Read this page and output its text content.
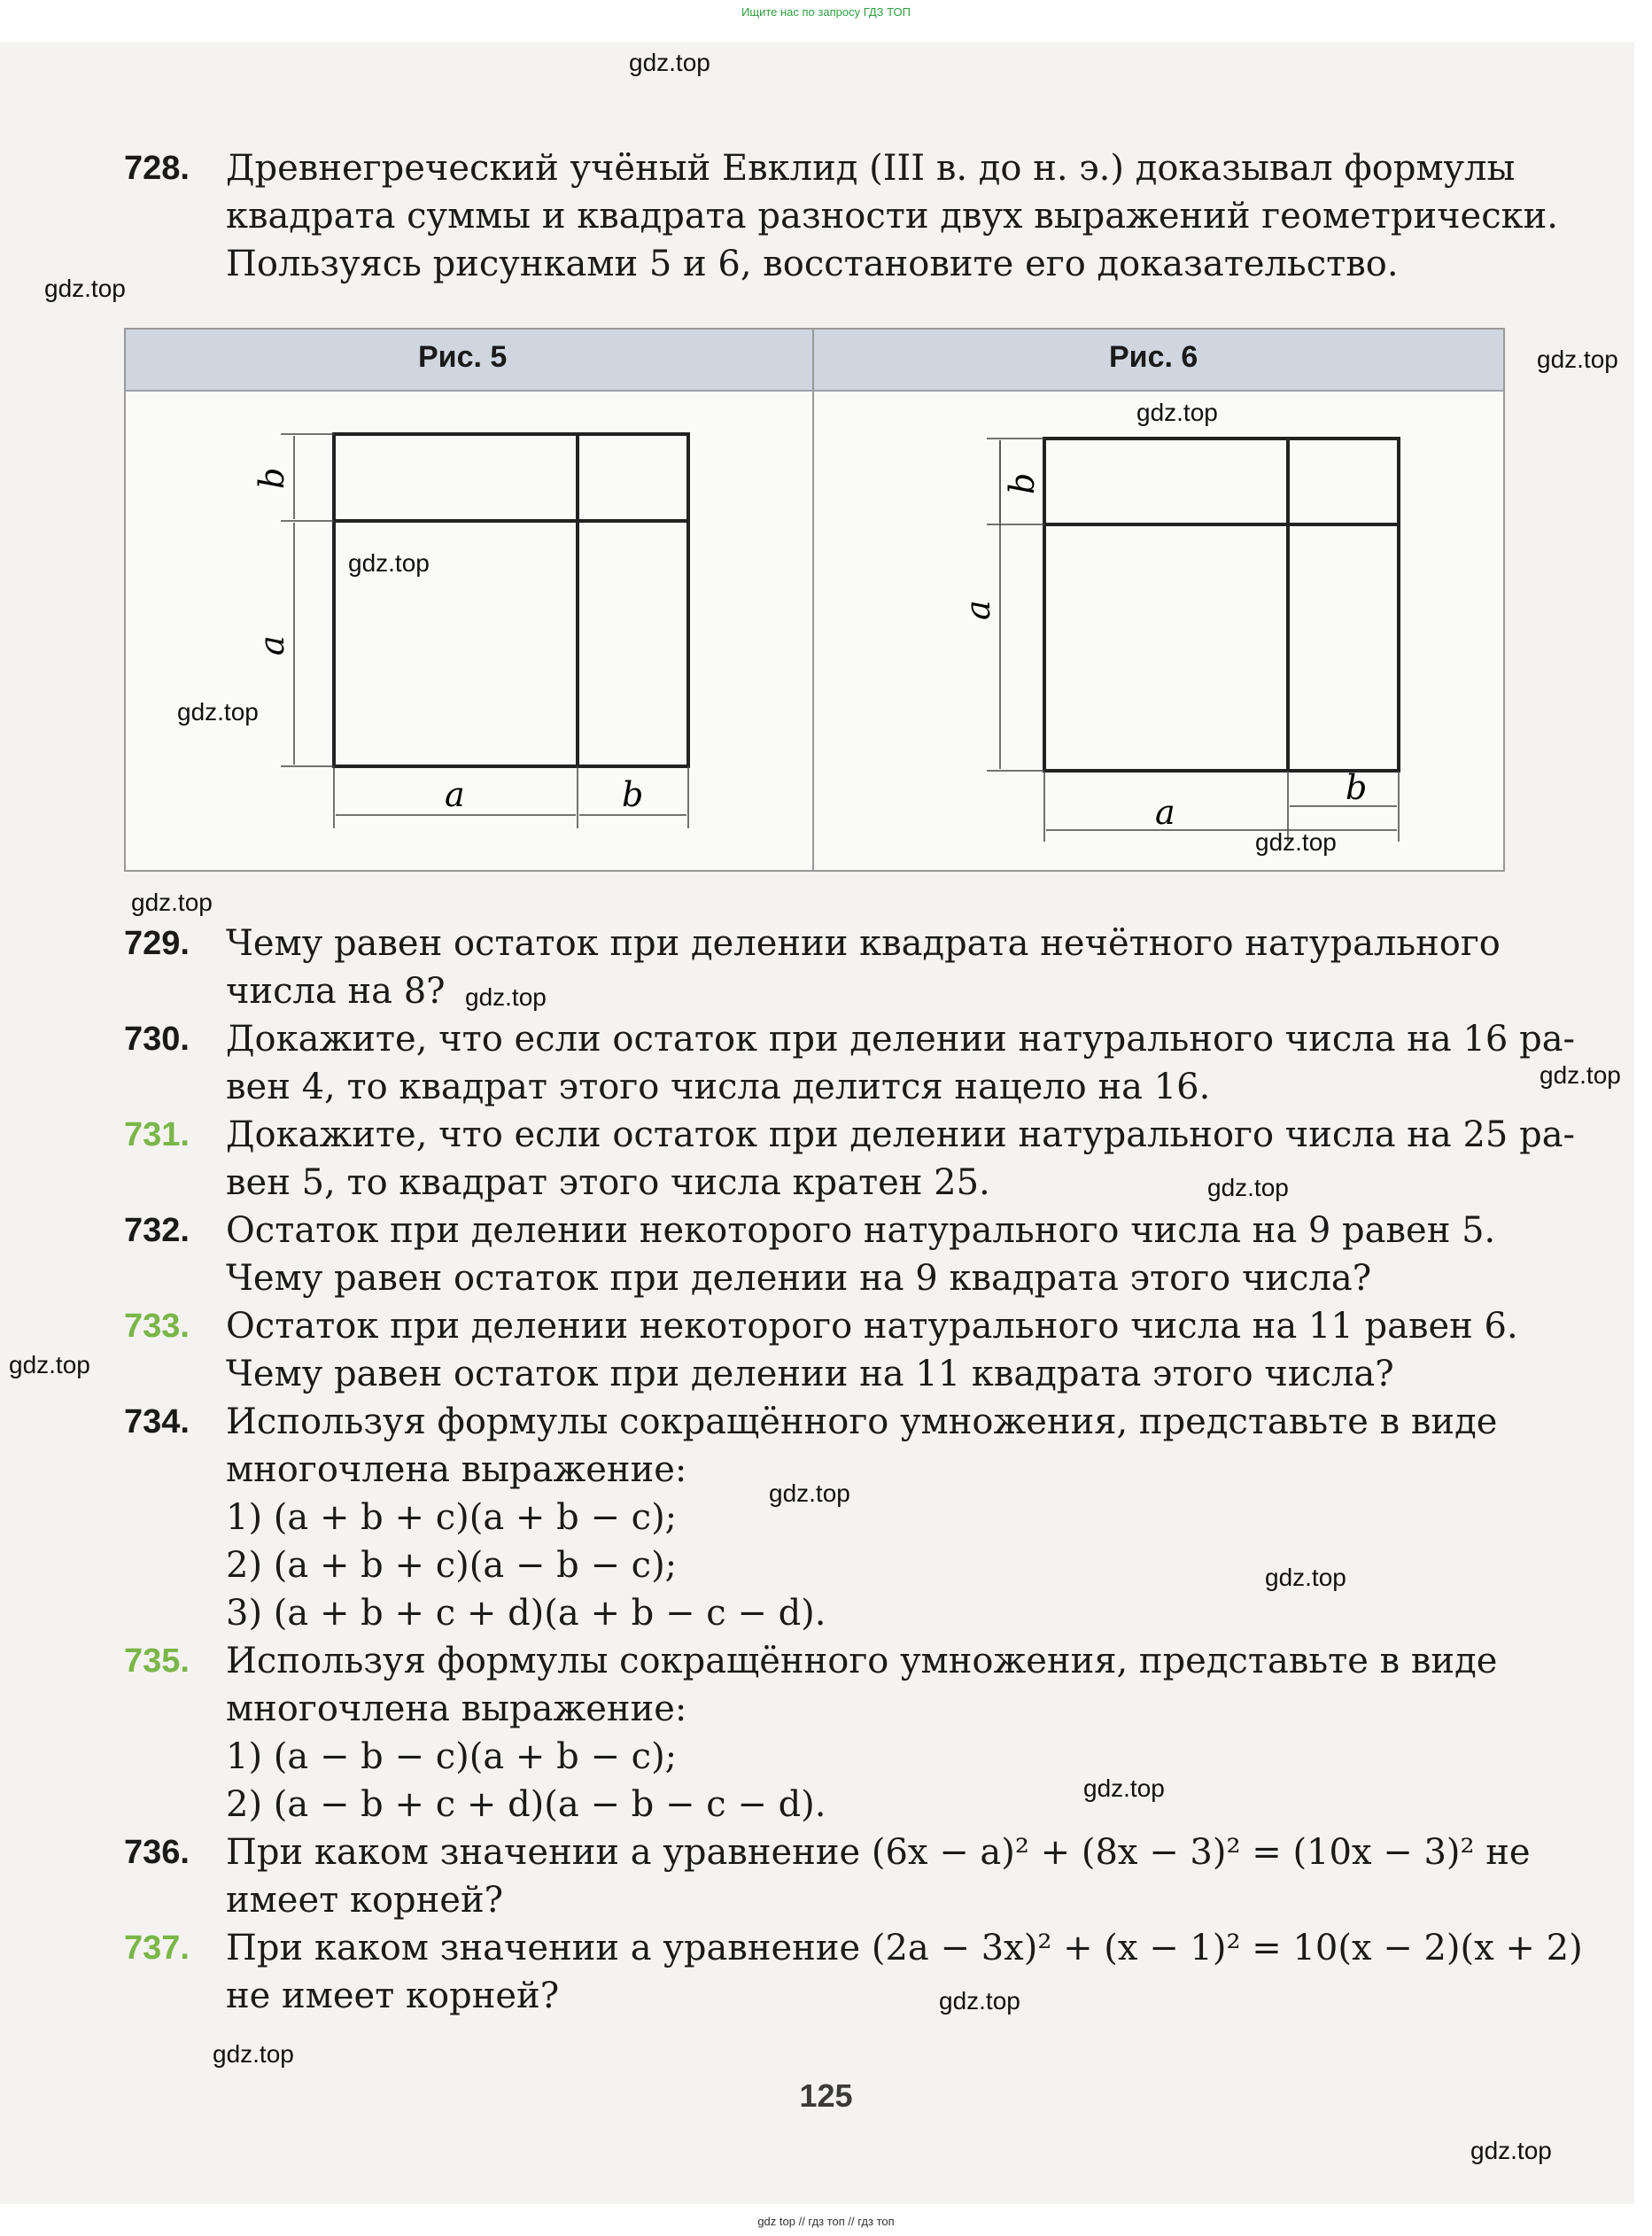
Ищите нас по запросу ГДЗ ТОП
728. Древнегреческий учёный Евклид (III в. до н. э.) доказывал формулы
квадрата суммы и квадрата разности двух выражений геометрически.
Пользуясь рисунками 5 и 6, восстановите его доказательство.
Рис. 5	Рис. 6
b
a
a	b
b
a
a
b
729. Чему равен остаток при делении квадрата нечётного натурального
числа на 8?
730. Докажите, что если остаток при делении натурального числа на 16 ра-
вен 4, то квадрат этого числа делится нацело на 16.
731. Докажите, что если остаток при делении натурального числа на 25 ра-
вен 5, то квадрат этого числа кратен 25.
732. Остаток при делении некоторого натурального числа на 9 равен 5.
Чему равен остаток при делении на 9 квадрата этого числа?
733. Остаток при делении некоторого натурального числа на 11 равен 6.
Чему равен остаток при делении на 11 квадрата этого числа?
734. Используя формулы сокращённого умножения, представьте в виде
многочлена выражение:
1) (a + b + c)(a + b − c);
2) (a + b + c)(a − b − c);
3) (a + b + c + d)(a + b − c − d).
735. Используя формулы сокращённого умножения, представьте в виде
многочлена выражение:
1) (a − b − c)(a + b − c);
2) (a − b + c + d)(a − b − c − d).
736. При каком значении a уравнение (6x − a)² + (8x − 3)² = (10x − 3)² не
имеет корней?
737. При каком значении a уравнение (2a − 3x)² + (x − 1)² = 10(x − 2)(x + 2)
не имеет корней?
125
gdz.top
gdz.top
gdz.top
gdz.top
gdz.top
gdz.top
gdz.top
gdz.top
gdz.top
gdz.top
gdz.top
gdz.top
gdz.top
gdz.top
gdz.top
gdz.top
gdz.top
gdz.top
gdz top // гдз топ // гдз топ
